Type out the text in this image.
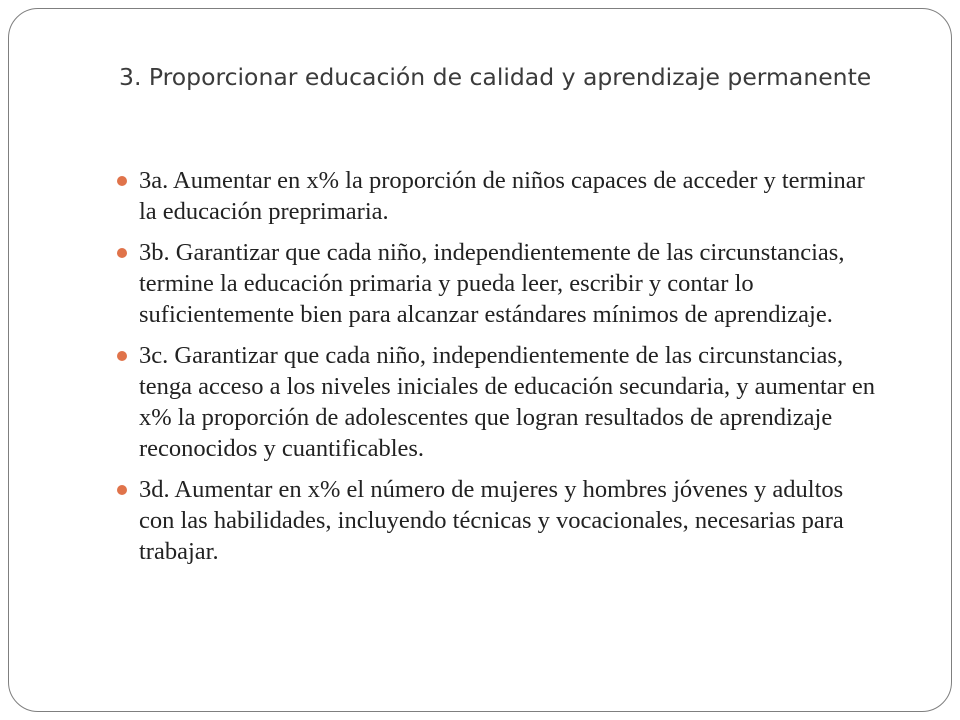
3. Proporcionar educación de calidad y aprendizaje permanente
3a. Aumentar en x% la proporción de niños capaces de acceder y terminar la educación preprimaria.
3b. Garantizar que cada niño, independientemente de las circunstancias, termine la educación primaria y pueda leer, escribir y contar lo suficientemente bien para alcanzar estándares mínimos de aprendizaje.
3c. Garantizar que cada niño, independientemente de las circunstancias, tenga acceso a los niveles iniciales de educación secundaria, y aumentar en x% la proporción de adolescentes que logran resultados de aprendizaje reconocidos y cuantificables.
3d. Aumentar en x% el número de mujeres y hombres jóvenes y adultos con las habilidades, incluyendo técnicas y vocacionales, necesarias para trabajar.
